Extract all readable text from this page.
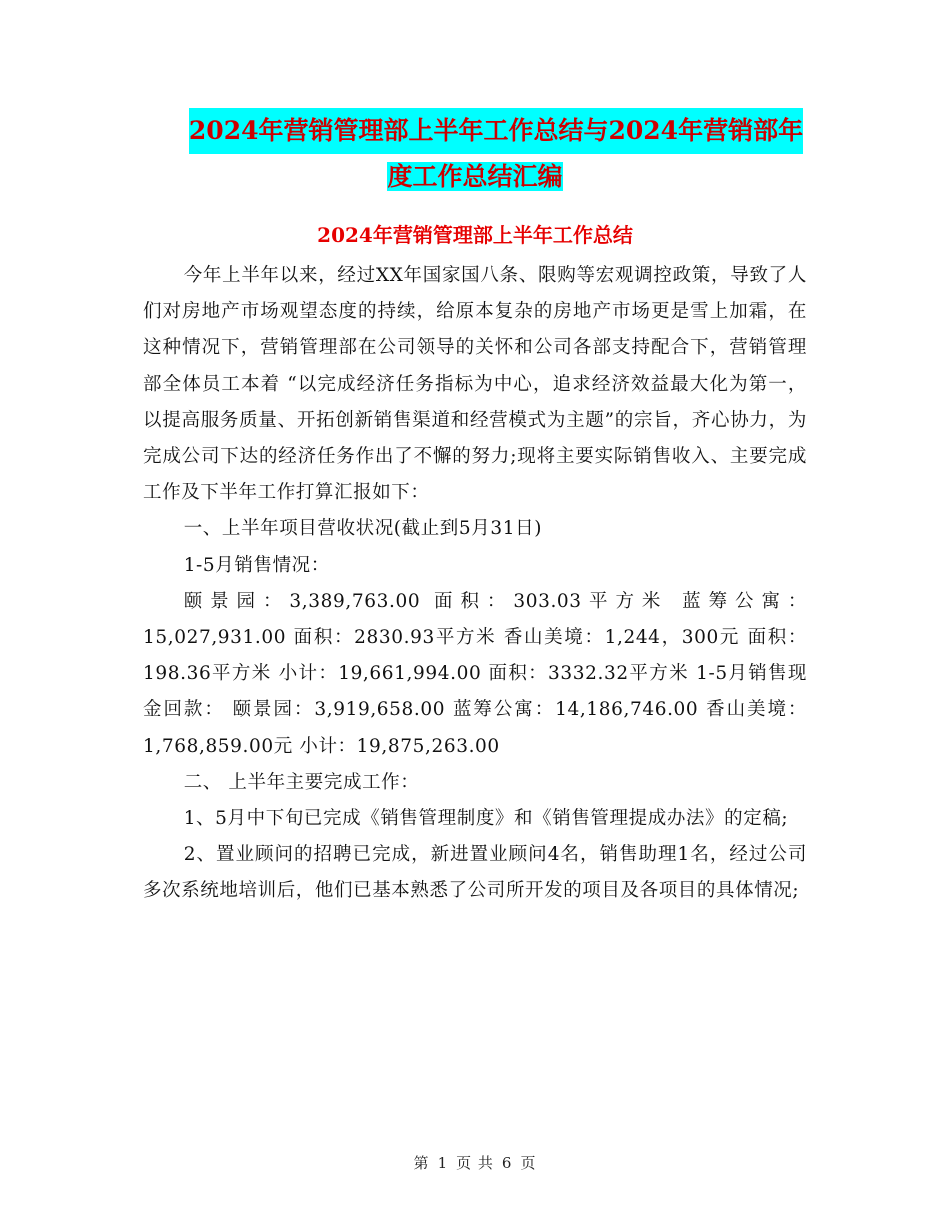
2024年营销管理部上半年工作总结与2024年营销部年
度工作总结汇编
2024年营销管理部上半年工作总结

今年上半年以来，经过XX年国家国八条、限购等宏观调控政策，导致了人们对房地产市场观望态度的持续，给原本复杂的房地产市场更是雪上加霜，在这种情况下，营销管理部在公司领导的关怀和公司各部支持配合下，营销管理部全体员工本着 “以完成经济任务指标为中心，追求经济效益最大化为第一，以提高服务质量、开拓创新销售渠道和经营模式为主题”的宗旨，齐心协力，为完成公司下达的经济任务作出了不懈的努力;现将主要实际销售收入、主要完成工作及下半年工作打算汇报如下：

一、上半年项目营收状况(截止到5月31日)

1-5月销售情况：

颐景园：3,389,763.00 面积：303.03平方米 蓝筹公寓：15,027,931.00 面积：2830.93平方米 香山美境：1,244，300元 面积：198.36平方米 小计：19,661,994.00 面积：3332.32平方米 1-5月销售现金回款： 颐景园：3,919,658.00 蓝筹公寓：14,186,746.00 香山美境：1,768,859.00元 小计：19,875,263.00

二、 上半年主要完成工作：

1、5月中下旬已完成《销售管理制度》和《销售管理提成办法》的定稿;

2、置业顾问的招聘已完成，新进置业顾问4名，销售助理1名，经过公司多次系统地培训后，他们已基本熟悉了公司所开发的项目及各项目的具体情况;

第 1 页 共 6 页
